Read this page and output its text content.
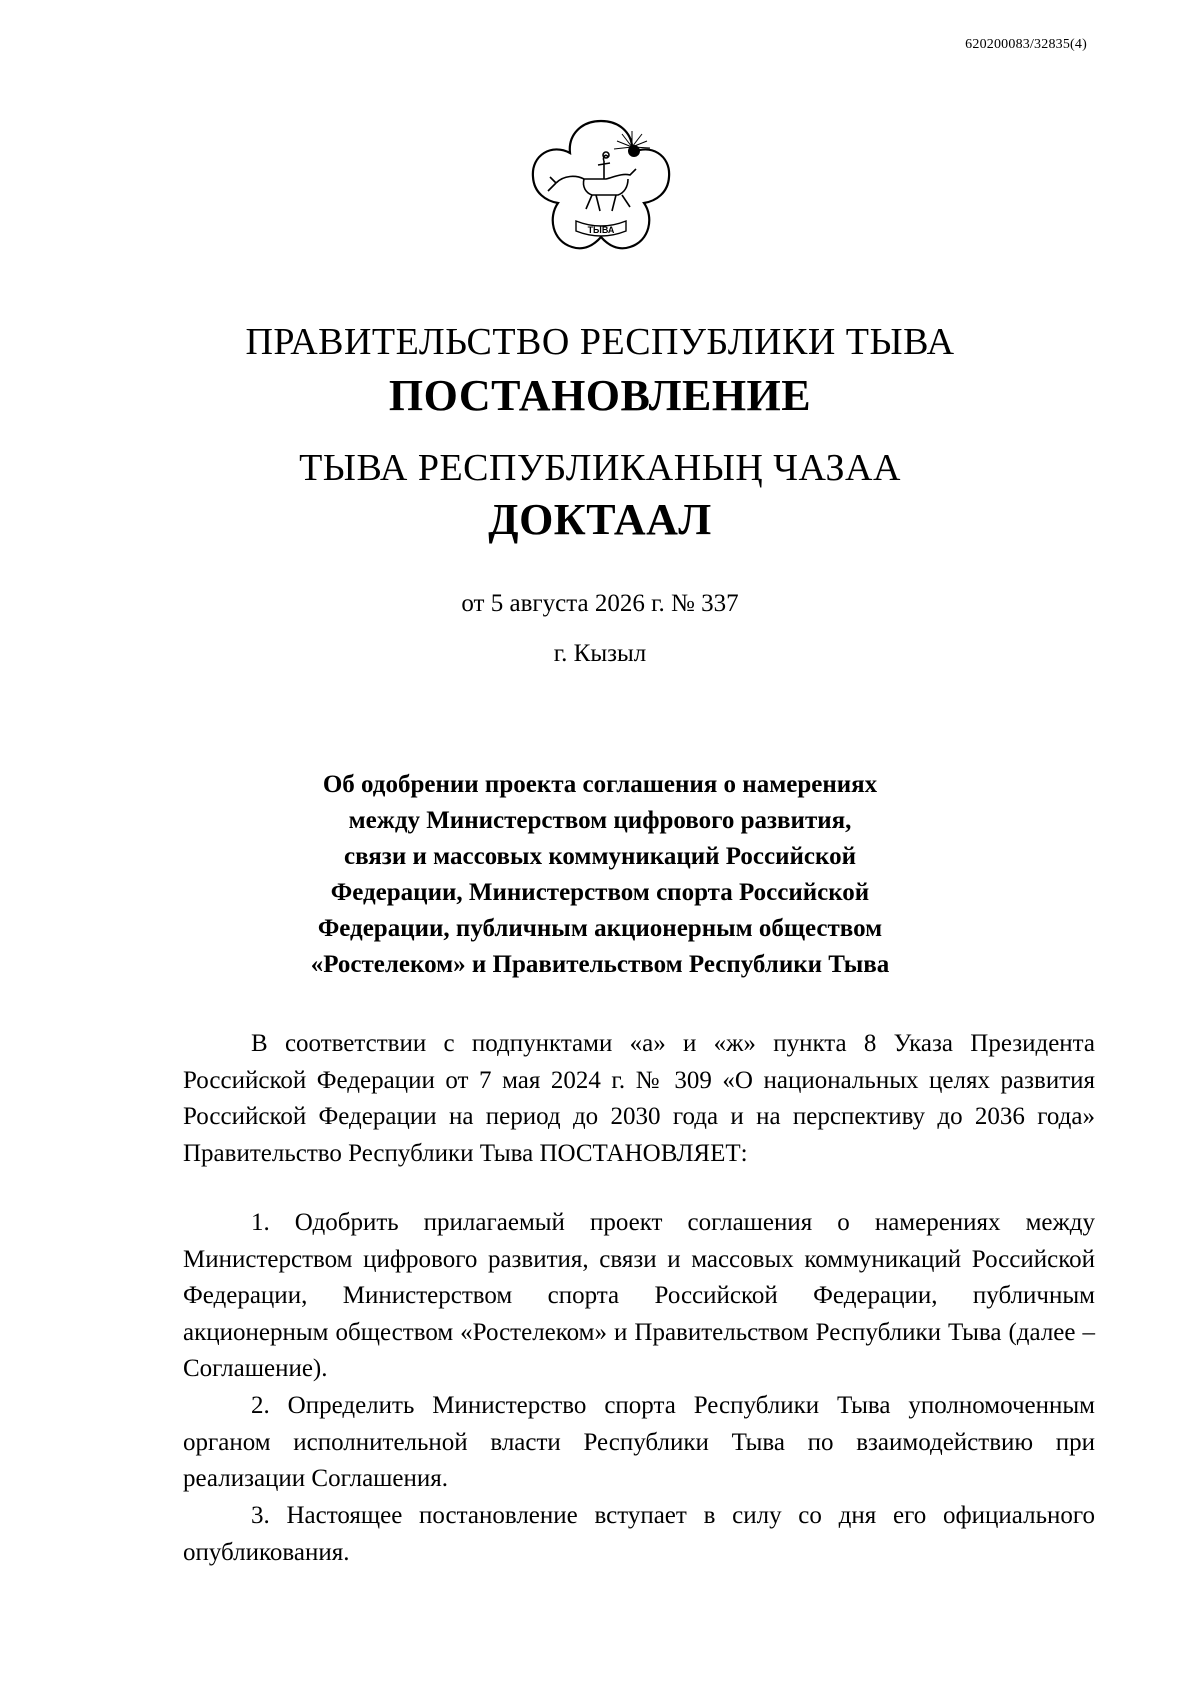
620200083/32835(4)
ТЫВА
ПРАВИТЕЛЬСТВО РЕСПУБЛИКИ ТЫВА
ПОСТАНОВЛЕНИЕ
ТЫВА РЕСПУБЛИКАНЫҢ ЧАЗАА
ДОКТААЛ
от 5 августа 2026 г. № 337
г. Кызыл
Об одобрении проекта соглашения о намерениях
между Министерством цифрового развития,
связи и массовых коммуникаций Российской
Федерации, Министерством спорта Российской
Федерации, публичным акционерным обществом
«Ростелеком» и Правительством Республики Тыва

В соответствии с подпунктами «а» и «ж» пункта 8 Указа Президента Российской Федерации от 7 мая 2024 г. № 309 «О национальных целях развития Российской Федерации на период до 2030 года и на перспективу до 2036 года» Правительство Республики Тыва ПОСТАНОВЛЯЕТ:

1. Одобрить прилагаемый проект соглашения о намерениях между Министерством цифрового развития, связи и массовых коммуникаций Российской Федерации, Министерством спорта Российской Федерации, публичным акционерным обществом «Ростелеком» и Правительством Республики Тыва (далее – Соглашение).

2. Определить Министерство спорта Республики Тыва уполномоченным органом исполнительной власти Республики Тыва по взаимодействию при реализации Соглашения.

3. Настоящее постановление вступает в силу со дня его официального опубликования.
